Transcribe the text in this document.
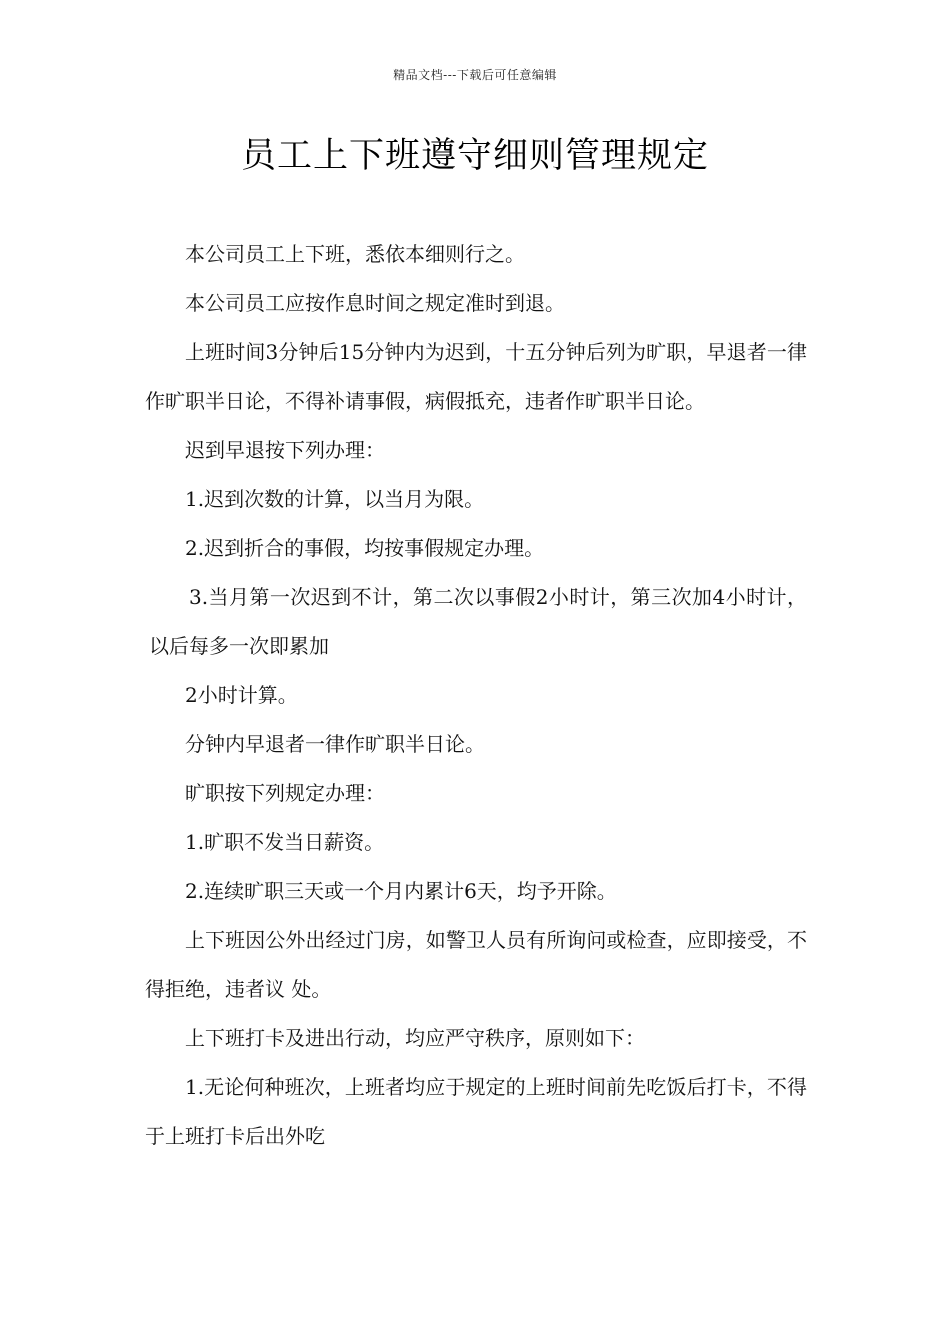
精品文档---下载后可任意编辑
员工上下班遵守细则管理规定

本公司员工上下班，悉依本细则行之。

本公司员工应按作息时间之规定准时到退。

上班时间3分钟后15分钟内为迟到，十五分钟后列为旷职，早退者一律作旷职半日论，不得补请事假，病假抵充，违者作旷职半日论。

迟到早退按下列办理：

1.迟到次数的计算，以当月为限。

2.迟到折合的事假，均按事假规定办理。

3.当月第一次迟到不计，第二次以事假2小时计，第三次加4小时计，以后每多一次即累加

2小时计算。

分钟内早退者一律作旷职半日论。

旷职按下列规定办理：

1.旷职不发当日薪资。

2.连续旷职三天或一个月内累计6天，均予开除。

上下班因公外出经过门房，如警卫人员有所询问或检查，应即接受，不得拒绝，违者议 处。

上下班打卡及进出行动，均应严守秩序，原则如下：

1.无论何种班次，上班者均应于规定的上班时间前先吃饭后打卡，不得于上班打卡后出外吃
